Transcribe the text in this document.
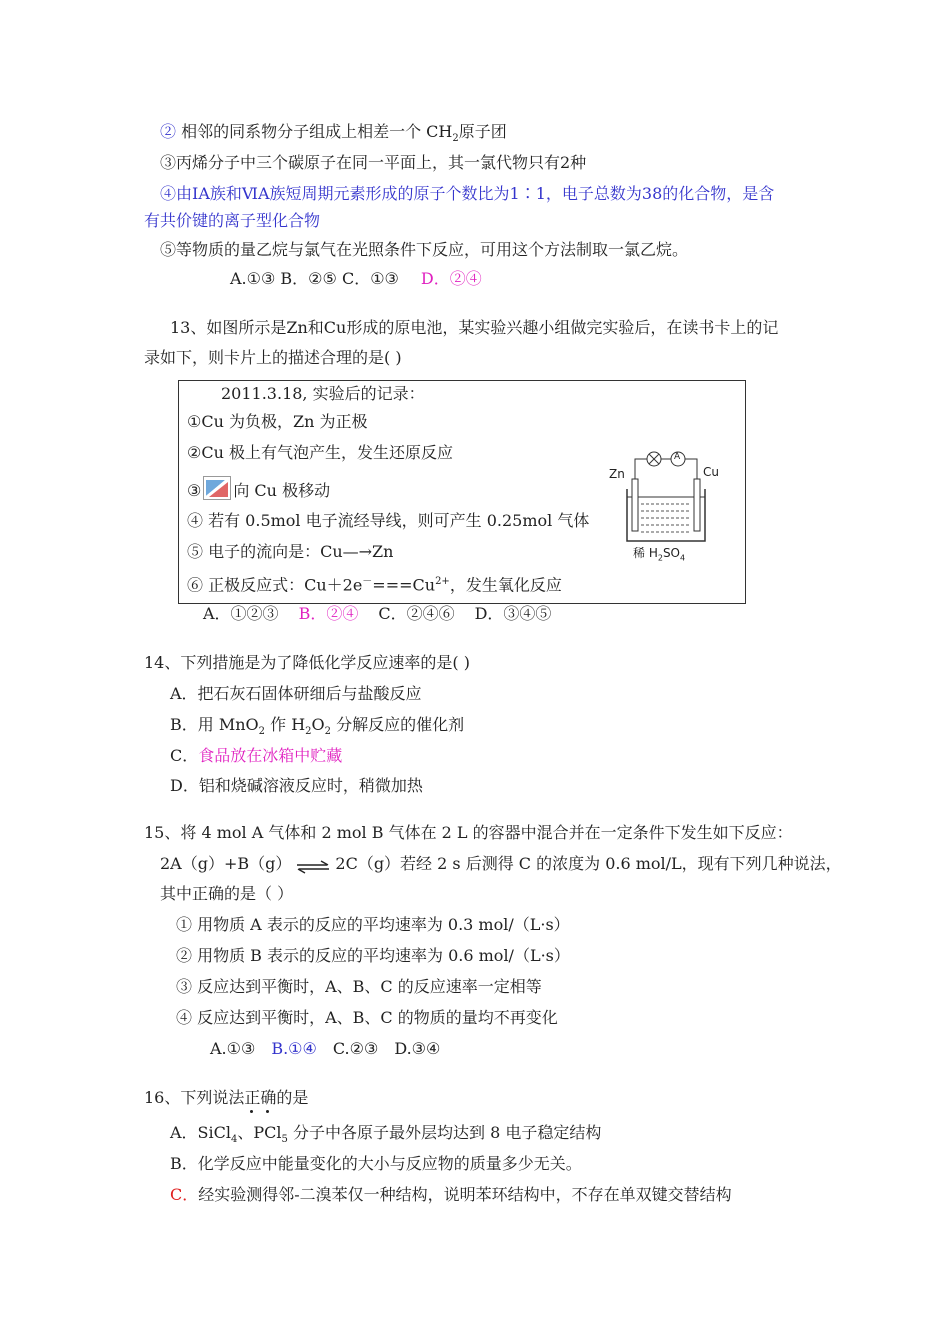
② 相邻的同系物分子组成上相差一个 $CH_2$原子团
③丙烯分子中三个碳原子在同一平面上，其一氯代物只有2种
④由ⅠA族和ⅥA族短周期元素形成的原子个数比为1∶1，电子总数为38的化合物，是含
有共价键的离子型化合物
⑤等物质的量乙烷与氯气在光照条件下反应，可用这个方法制取一氯乙烷。
A.①③ B．②⑤ C．①③ D．②④
13、如图所示是Zn和Cu形成的原电池，某实验兴趣小组做完实验后，在读书卡上的记
录如下，则卡片上的描述合理的是( )
2011.3.18, 实验后的记录：
①Cu 为负极，Zn 为正极
②Cu 极上有气泡产生，发生还原反应
③ 向 Cu 极移动
④ 若有 0.5mol 电子流经导线，则可产生 0.25mol 气体
⑤ 电子的流向是：Cu—→Zn
⑥ 正极反应式：$Cu+2e^-===Cu^{2+}$，发生氧化反应
Zn	Cu
A
稀 $H_2SO_4$
A．①②③ B．②④ C．②④⑥ D．③④⑤
14、下列措施是为了降低化学反应速率的是( )
A．把石灰石固体研细后与盐酸反应
B．用 MnO$_2$ 作 $H_2O_2$ 分解反应的催化剂
C．食品放在冰箱中贮藏
D．铝和烧碱溶液反应时，稍微加热
15、将 4 mol A 气体和 2 mol B 气体在 2 L 的容器中混合并在一定条件下发生如下反应：
2A（g）+B（g） ⇌ 2C（g）若经 2 s 后测得 C 的浓度为 0.6 mol/L，现有下列几种说法，
其中正确的是（ ）
① 用物质 A 表示的反应的平均速率为 0.3 mol/（L·s）
② 用物质 B 表示的反应的平均速率为 0.6 mol/（L·s）
③ 反应达到平衡时，A、B、C 的反应速率一定相等
④ 反应达到平衡时，A、B、C 的物质的量均不再变化
A.①③ B.①④ C.②③ D.③④
16、下列说法正确的是
A．SiCl$_4$、PCl$_5$ 分子中各原子最外层均达到 8 电子稳定结构
B．化学反应中能量变化的大小与反应物的质量多少无关。
C．经实验测得邻-二溴苯仅一种结构，说明苯环结构中，不存在单双键交替结构
